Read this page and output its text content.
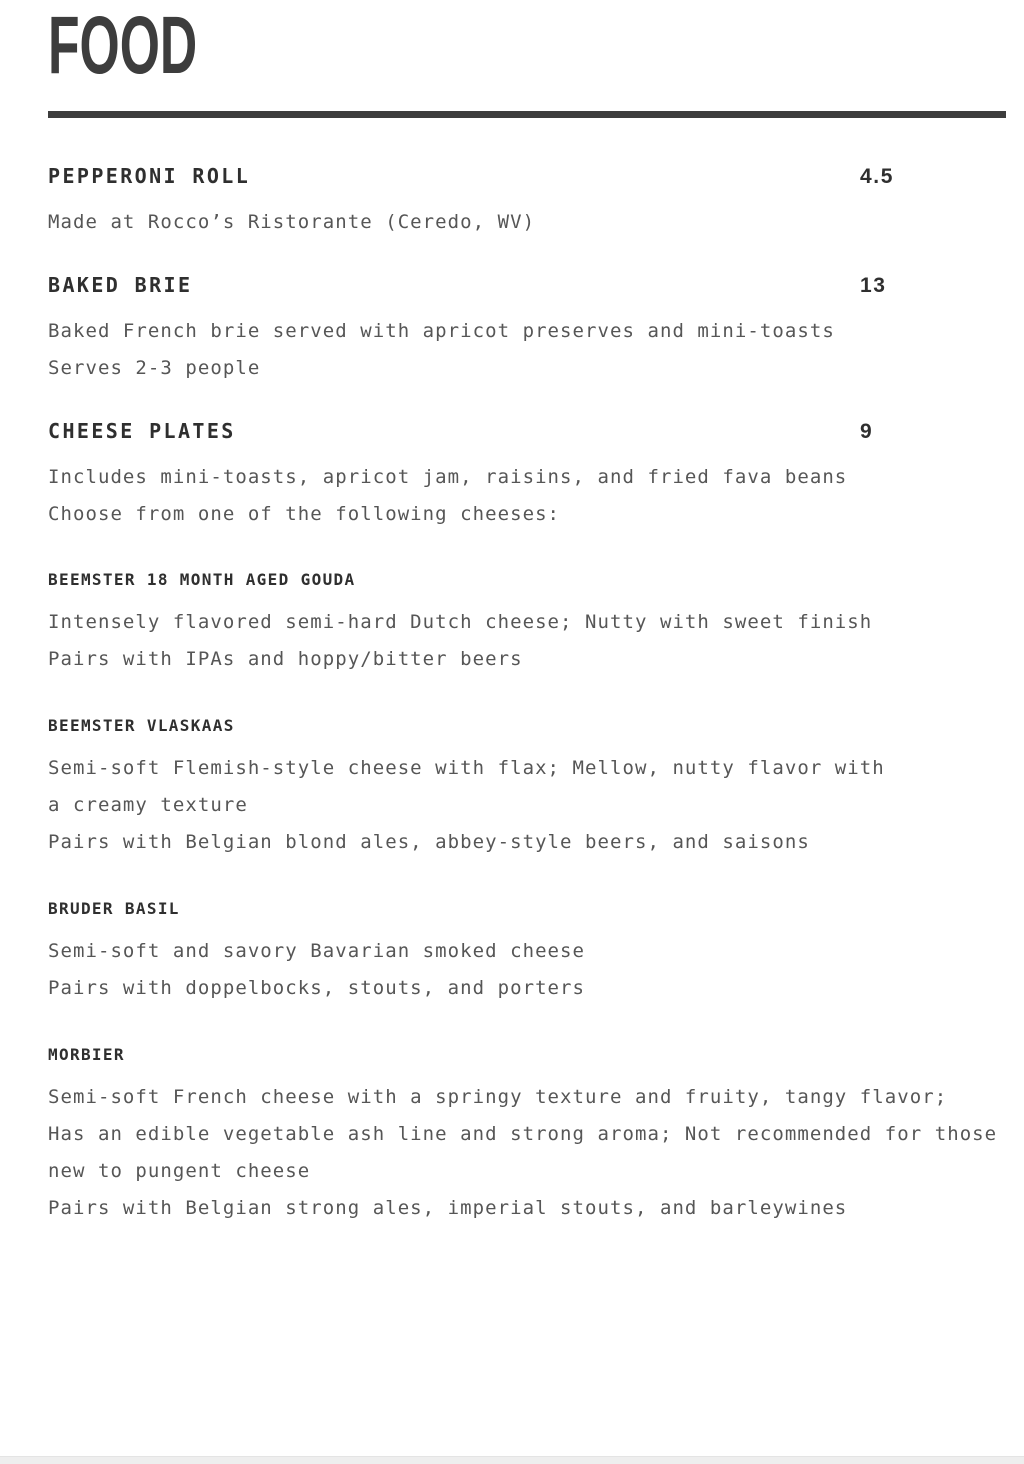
FOOD
PEPPERONI ROLL	4.5
Made at Rocco’s Ristorante (Ceredo, WV)
BAKED BRIE	13
Baked French brie served with apricot preserves and mini-toasts
Serves 2-3 people
CHEESE PLATES	9
Includes mini-toasts, apricot jam, raisins, and fried fava beans
Choose from one of the following cheeses:
BEEMSTER 18 MONTH AGED GOUDA
Intensely flavored semi-hard Dutch cheese; Nutty with sweet finish
Pairs with IPAs and hoppy/bitter beers
BEEMSTER VLASKAAS
Semi-soft Flemish-style cheese with flax; Mellow, nutty flavor with
a creamy texture
Pairs with Belgian blond ales, abbey-style beers, and saisons
BRUDER BASIL
Semi-soft and savory Bavarian smoked cheese
Pairs with doppelbocks, stouts, and porters
MORBIER
Semi-soft French cheese with a springy texture and fruity, tangy flavor;
Has an edible vegetable ash line and strong aroma; Not recommended for those
new to pungent cheese
Pairs with Belgian strong ales, imperial stouts, and barleywines
